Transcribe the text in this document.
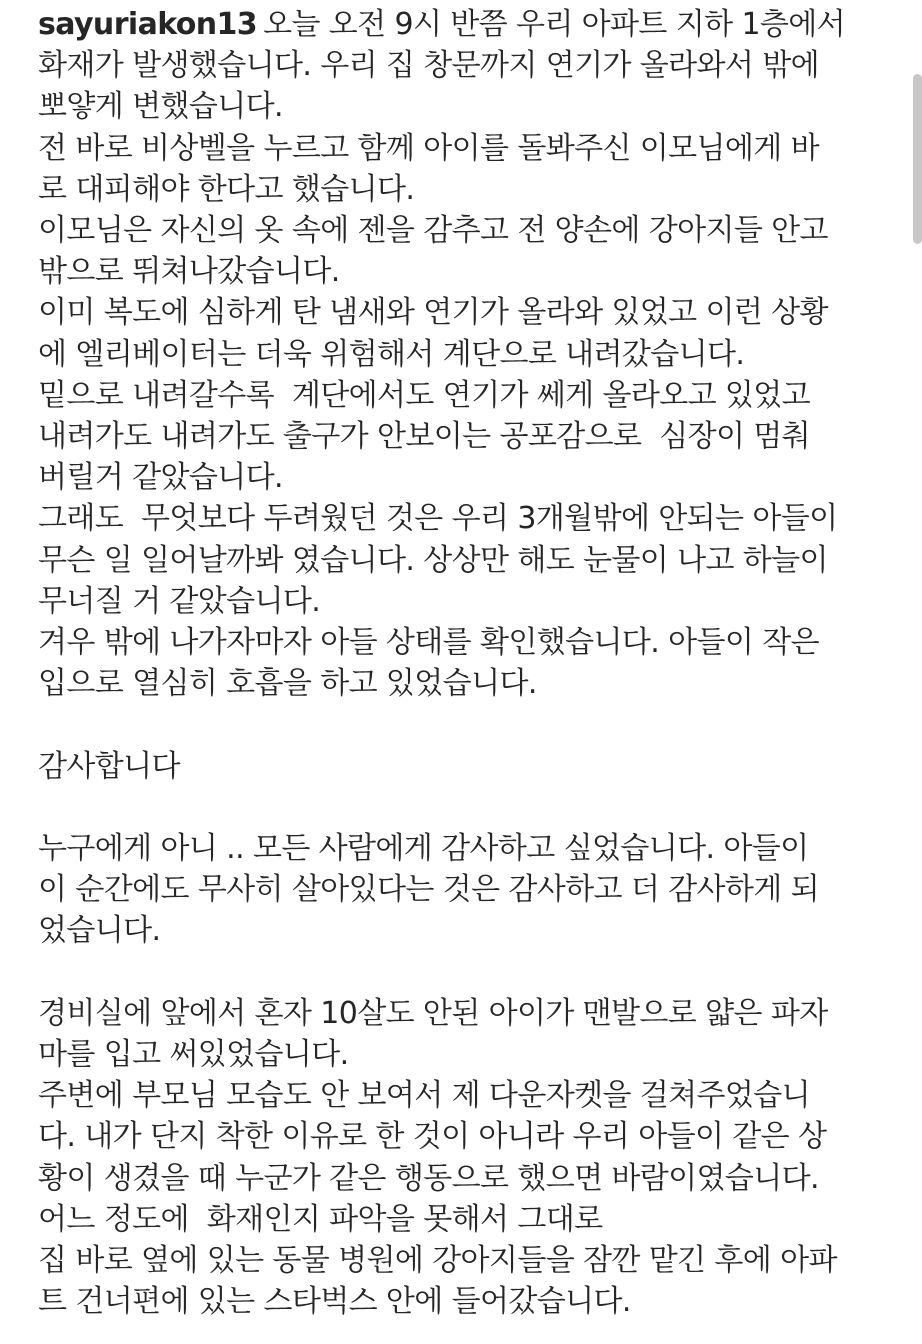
sayuriakon13 오늘 오전 9시 반쯤 우리 아파트 지하 1층에서
화재가 발생했습니다. 우리 집 창문까지 연기가 올라와서 밖에
뽀얗게 변했습니다.
전 바로 비상벨을 누르고 함께 아이를 돌봐주신 이모님에게 바
로 대피해야 한다고 했습니다.
이모님은 자신의 옷 속에 젠을 감추고 전 양손에 강아지들 안고
밖으로 뛰쳐나갔습니다.
이미 복도에 심하게 탄 냄새와 연기가 올라와 있었고 이런 상황
에 엘리베이터는 더욱 위험해서 계단으로 내려갔습니다.
밑으로 내려갈수록  계단에서도 연기가 쎄게 올라오고 있었고
내려가도 내려가도 출구가 안보이는 공포감으로  심장이 멈춰
버릴거 같았습니다.
그래도  무엇보다 두려웠던 것은 우리 3개월밖에 안되는 아들이
무슨 일 일어날까봐 였습니다. 상상만 해도 눈물이 나고 하늘이
무너질 거 같았습니다.
겨우 밖에 나가자마자 아들 상태를 확인했습니다. 아들이 작은
입으로 열심히 호흡을 하고 있었습니다.
감사합니다
누구에게 아니 .. 모든 사람에게 감사하고 싶었습니다. 아들이
이 순간에도 무사히 살아있다는 것은 감사하고 더 감사하게 되
었습니다.
경비실에 앞에서 혼자 10살도 안된 아이가 맨발으로 얇은 파자
마를 입고 써있었습니다.
주변에 부모님 모습도 안 보여서 제 다운자켓을 걸쳐주었습니
다. 내가 단지 착한 이유로 한 것이 아니라 우리 아들이 같은 상
황이 생겼을 때 누군가 같은 행동으로 했으면 바람이였습니다.
어느 정도에  화재인지 파악을 못해서 그대로
집 바로 옆에 있는 동물 병원에 강아지들을 잠깐 맡긴 후에 아파
트 건너편에 있는 스타벅스 안에 들어갔습니다.
